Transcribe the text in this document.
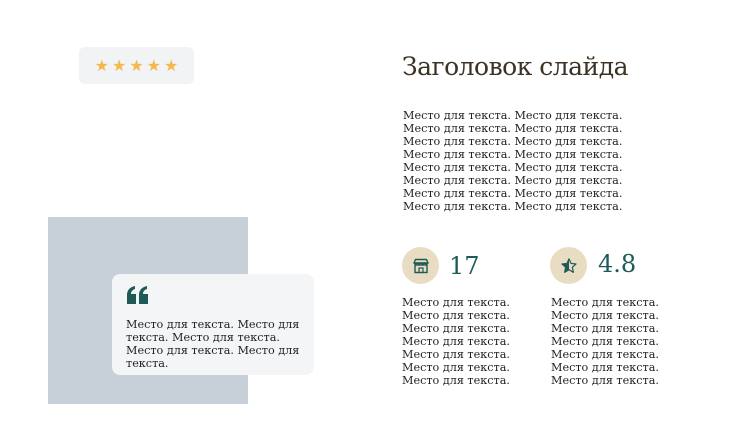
★ ★ ★ ★ ★
Место для текста. Место для текста. Место для текста. Место для текста. Место для текста.
Заголовок слайда
Место для текста. Место для текста. Место для текста. Место для текста. Место для текста. Место для текста. Место для текста. Место для текста. Место для текста. Место для текста. Место для текста. Место для текста. Место для текста. Место для текста. Место для текста. Место для текста.
17
Место для текста. Место для текста. Место для текста. Место для текста. Место для текста. Место для текста. Место для текста.
4.8
Место для текста. Место для текста. Место для текста. Место для текста. Место для текста. Место для текста. Место для текста.
